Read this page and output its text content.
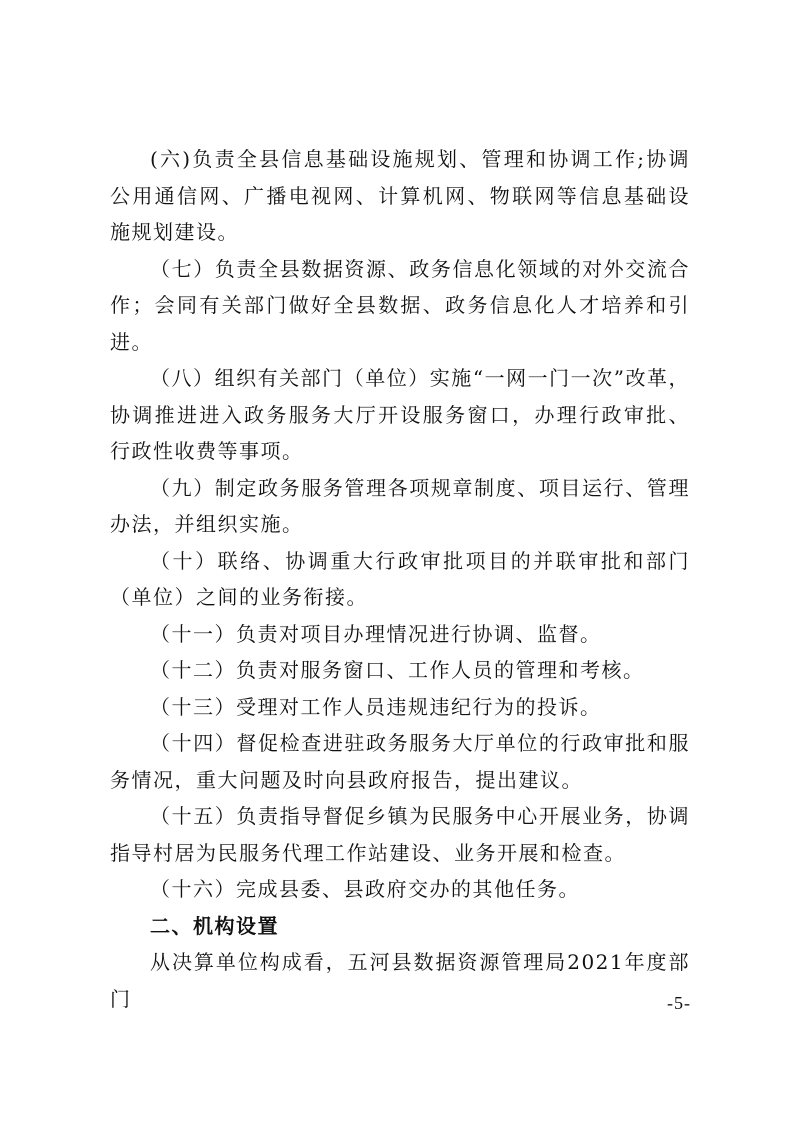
(六)负责全县信息基础设施规划、管理和协调工作;协调公用通信网、广播电视网、计算机网、物联网等信息基础设施规划建设。

（七）负责全县数据资源、政务信息化领域的对外交流合作；会同有关部门做好全县数据、政务信息化人才培养和引进。

（八）组织有关部门（单位）实施“一网一门一次”改革，协调推进进入政务服务大厅开设服务窗口，办理行政审批、行政性收费等事项。

（九）制定政务服务管理各项规章制度、项目运行、管理办法，并组织实施。

（十）联络、协调重大行政审批项目的并联审批和部门（单位）之间的业务衔接。

（十一）负责对项目办理情况进行协调、监督。

（十二）负责对服务窗口、工作人员的管理和考核。

（十三）受理对工作人员违规违纪行为的投诉。

（十四）督促检查进驻政务服务大厅单位的行政审批和服务情况，重大问题及时向县政府报告，提出建议。

（十五）负责指导督促乡镇为民服务中心开展业务，协调指导村居为民服务代理工作站建设、业务开展和检查。

（十六）完成县委、县政府交办的其他任务。

二、机构设置

从决算单位构成看，五河县数据资源管理局2021年度部门	-5-
